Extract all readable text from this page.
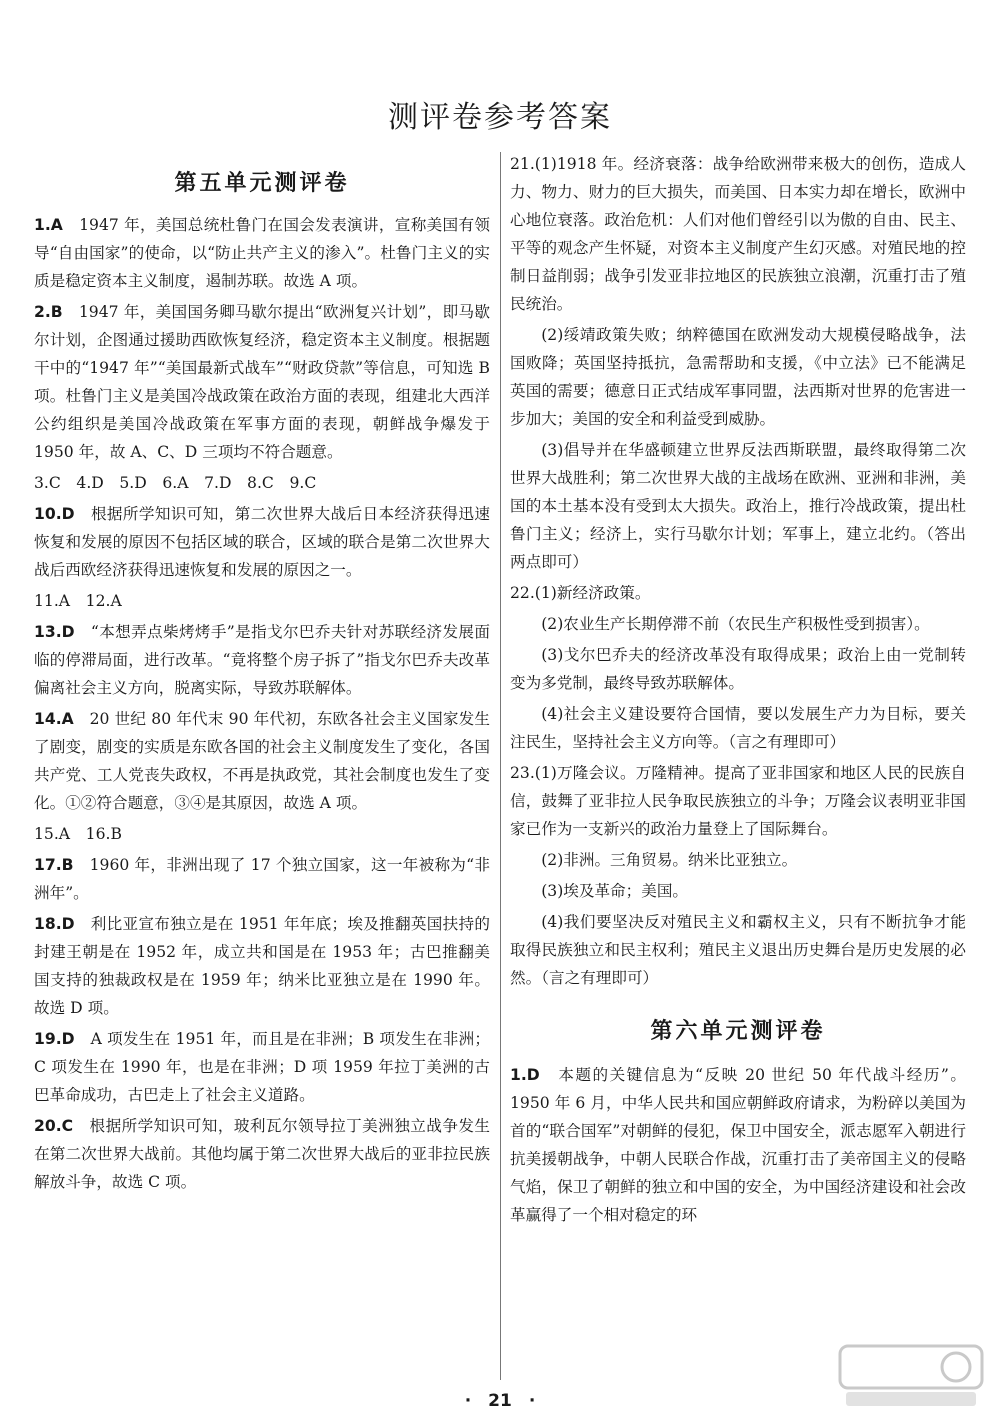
测评卷参考答案
第五单元测评卷

1.A　1947 年，美国总统杜鲁门在国会发表演讲，宣称美国有领导“自由国家”的使命，以“防止共产主义的渗入”。杜鲁门主义的实质是稳定资本主义制度，遏制苏联。故选 A 项。

2.B　1947 年，美国国务卿马歇尔提出“欧洲复兴计划”，即马歇尔计划，企图通过援助西欧恢复经济，稳定资本主义制度。根据题干中的“1947 年”“美国最新式战车”“财政贷款”等信息，可知选 B 项。杜鲁门主义是美国冷战政策在政治方面的表现，组建北大西洋公约组织是美国冷战政策在军事方面的表现，朝鲜战争爆发于 1950 年，故 A、C、D 三项均不符合题意。

3.C　4.D　5.D　6.A　7.D　8.C　9.C

10.D　根据所学知识可知，第二次世界大战后日本经济获得迅速恢复和发展的原因不包括区域的联合，区域的联合是第二次世界大战后西欧经济获得迅速恢复和发展的原因之一。

11.A　12.A

13.D　“本想弄点柴烤烤手”是指戈尔巴乔夫针对苏联经济发展面临的停滞局面，进行改革。“竟将整个房子拆了”指戈尔巴乔夫改革偏离社会主义方向，脱离实际，导致苏联解体。

14.A　20 世纪 80 年代末 90 年代初，东欧各社会主义国家发生了剧变，剧变的实质是东欧各国的社会主义制度发生了变化，各国共产党、工人党丧失政权，不再是执政党，其社会制度也发生了变化。①②符合题意，③④是其原因，故选 A 项。

15.A　16.B

17.B　1960 年，非洲出现了 17 个独立国家，这一年被称为“非洲年”。

18.D　利比亚宣布独立是在 1951 年年底；埃及推翻英国扶持的封建王朝是在 1952 年，成立共和国是在 1953 年；古巴推翻美国支持的独裁政权是在 1959 年；纳米比亚独立是在 1990 年。故选 D 项。

19.D　A 项发生在 1951 年，而且是在非洲；B 项发生在非洲；C 项发生在 1990 年，也是在非洲；D 项 1959 年拉丁美洲的古巴革命成功，古巴走上了社会主义道路。

20.C　根据所学知识可知，玻利瓦尔领导拉丁美洲独立战争发生在第二次世界大战前。其他均属于第二次世界大战后的亚非拉民族解放斗争，故选 C 项。

21.(1)1918 年。经济衰落：战争给欧洲带来极大的创伤，造成人力、物力、财力的巨大损失，而美国、日本实力却在增长，欧洲中心地位衰落。政治危机：人们对他们曾经引以为傲的自由、民主、平等的观念产生怀疑，对资本主义制度产生幻灭感。对殖民地的控制日益削弱；战争引发亚非拉地区的民族独立浪潮，沉重打击了殖民统治。

(2)绥靖政策失败；纳粹德国在欧洲发动大规模侵略战争，法国败降；英国坚持抵抗，急需帮助和支援，《中立法》已不能满足英国的需要；德意日正式结成军事同盟，法西斯对世界的危害进一步加大；美国的安全和利益受到威胁。

(3)倡导并在华盛顿建立世界反法西斯联盟，最终取得第二次世界大战胜利；第二次世界大战的主战场在欧洲、亚洲和非洲，美国的本土基本没有受到太大损失。政治上，推行冷战政策，提出杜鲁门主义；经济上，实行马歇尔计划；军事上，建立北约。（答出两点即可）

22.(1)新经济政策。

(2)农业生产长期停滞不前（农民生产积极性受到损害）。

(3)戈尔巴乔夫的经济改革没有取得成果；政治上由一党制转变为多党制，最终导致苏联解体。

(4)社会主义建设要符合国情，要以发展生产力为目标，要关注民生，坚持社会主义方向等。（言之有理即可）

23.(1)万隆会议。万隆精神。提高了亚非国家和地区人民的民族自信，鼓舞了亚非拉人民争取民族独立的斗争；万隆会议表明亚非国家已作为一支新兴的政治力量登上了国际舞台。

(2)非洲。三角贸易。纳米比亚独立。

(3)埃及革命；美国。

(4)我们要坚决反对殖民主义和霸权主义，只有不断抗争才能取得民族独立和民主权利；殖民主义退出历史舞台是历史发展的必然。（言之有理即可）

第六单元测评卷

1.D　本题的关键信息为“反映 20 世纪 50 年代战斗经历”。1950 年 6 月，中华人民共和国应朝鲜政府请求，为粉碎以美国为首的“联合国军”对朝鲜的侵犯，保卫中国安全，派志愿军入朝进行抗美援朝战争，中朝人民联合作战，沉重打击了美帝国主义的侵略气焰，保卫了朝鲜的独立和中国的安全，为中国经济建设和社会改革赢得了一个相对稳定的环

·　21　·
